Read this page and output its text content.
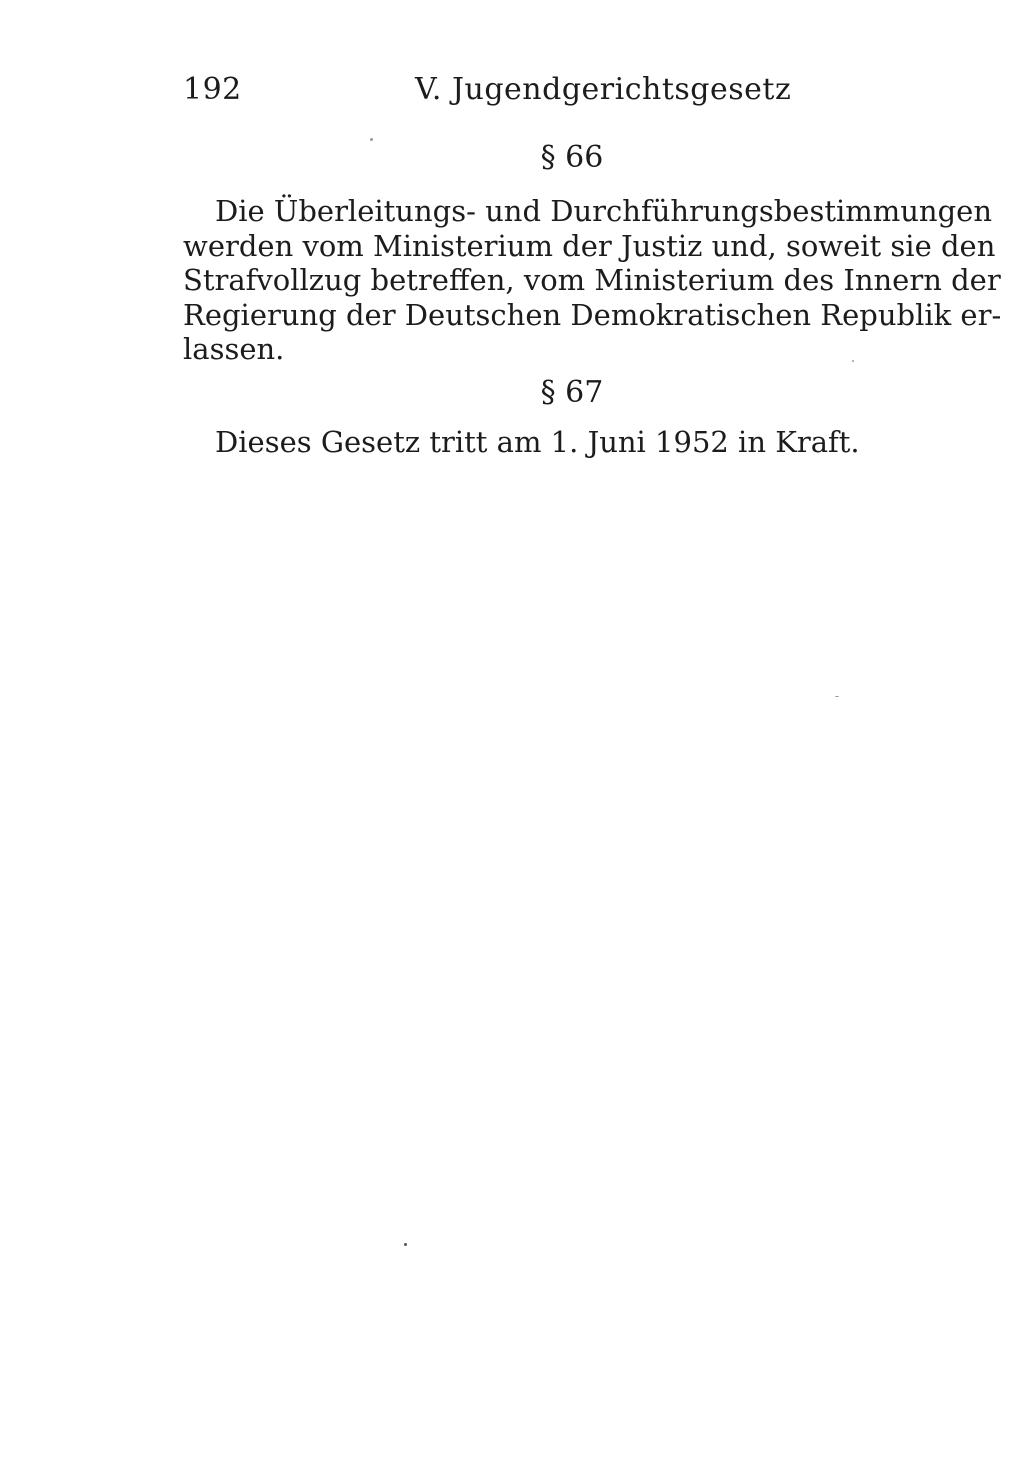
192	V. Jugendgerichtsgesetz
§ 66
Die Überleitungs- und Durchführungsbestimmungen
werden vom Ministerium der Justiz und, soweit sie den
Strafvollzug betreffen, vom Ministerium des Innern der
Regierung der Deutschen Demokratischen Republik er-
lassen.
§ 67
Dieses Gesetz tritt am 1. Juni 1952 in Kraft.
